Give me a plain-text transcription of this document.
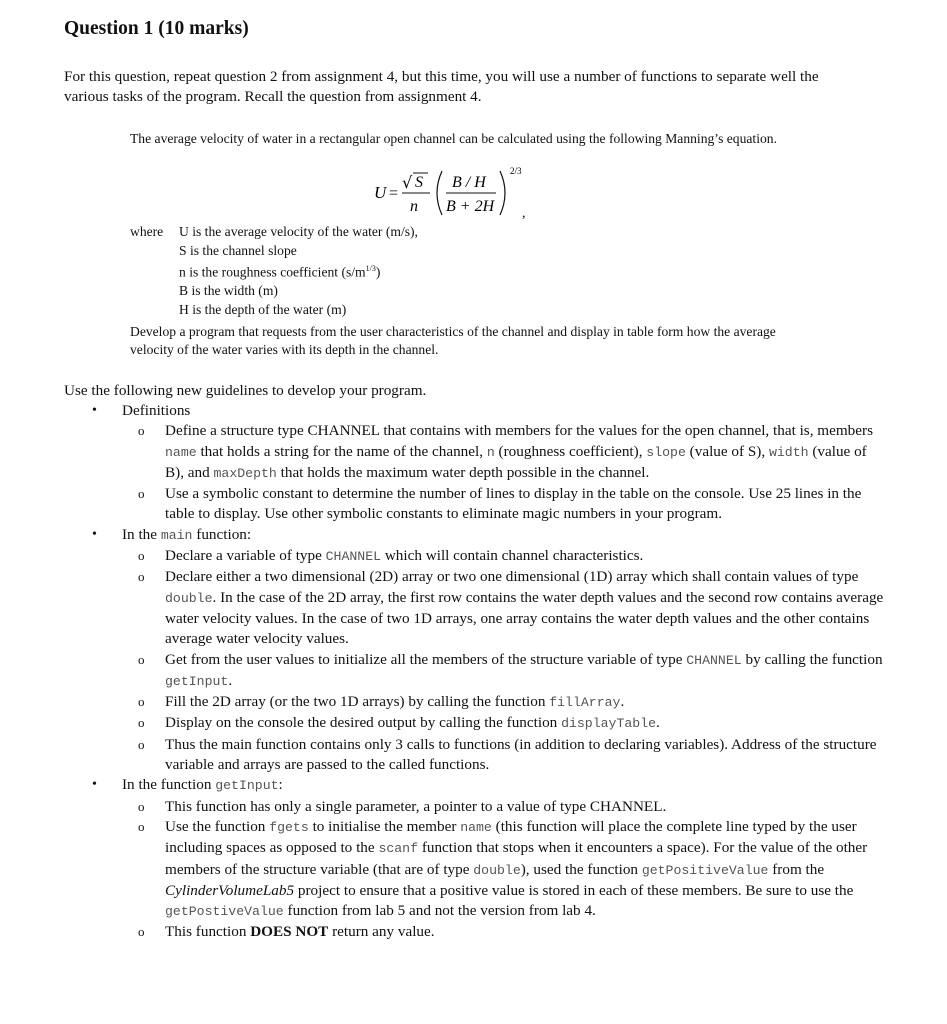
Question 1 (10 marks)

For this question, repeat question 2 from assignment 4, but this time, you will use a number of functions to separate well the various tasks of the program. Recall the question from assignment 4.

The average velocity of water in a rectangular open channel can be calculated using the following Manning’s equation.

U =
√ S
n
B / H
B + 2H
2/3
,
where	U is the average velocity of the water (m/s),
S is the channel slope
n is the roughness coefficient $(s/m^{1/3})$
B is the width (m)
H is the depth of the water (m)

Develop a program that requests from the user characteristics of the channel and display in table form how the average velocity of the water varies with its depth in the channel.

Use the following new guidelines to develop your program.

• Definitions
o Define a structure type CHANNEL that contains with members for the values for the open channel, that is, members name that holds a string for the name of the channel, n (roughness coefficient), slope (value of S), width (value of B), and maxDepth that holds the maximum water depth possible in the channel.
o Use a symbolic constant to determine the number of lines to display in the table on the console. Use 25 lines in the table to display. Use other symbolic constants to eliminate magic numbers in your program.
• In the main function:
o Declare a variable of type CHANNEL which will contain channel characteristics.
o Declare either a two dimensional (2D) array or two one dimensional (1D) array which shall contain values of type double. In the case of the 2D array, the first row contains the water depth values and the second row contains average water velocity values. In the case of two 1D arrays, one array contains the water depth values and the other contains average water velocity values.
o Get from the user values to initialize all the members of the structure variable of type CHANNEL by calling the function getInput.
o Fill the 2D array (or the two 1D arrays) by calling the function fillArray.
o Display on the console the desired output by calling the function displayTable.
o Thus the main function contains only 3 calls to functions (in addition to declaring variables). Address of the structure variable and arrays are passed to the called functions.
• In the function getInput:
o This function has only a single parameter, a pointer to a value of type CHANNEL.
o Use the function fgets to initialise the member name (this function will place the complete line typed by the user including spaces as opposed to the scanf function that stops when it encounters a space). For the value of the other members of the structure variable (that are of type double), used the function getPositiveValue from the CylinderVolumeLab5 project to ensure that a positive value is stored in each of these members. Be sure to use the getPostiveValue function from lab 5 and not the version from lab 4.
o This function DOES NOT return any value.
